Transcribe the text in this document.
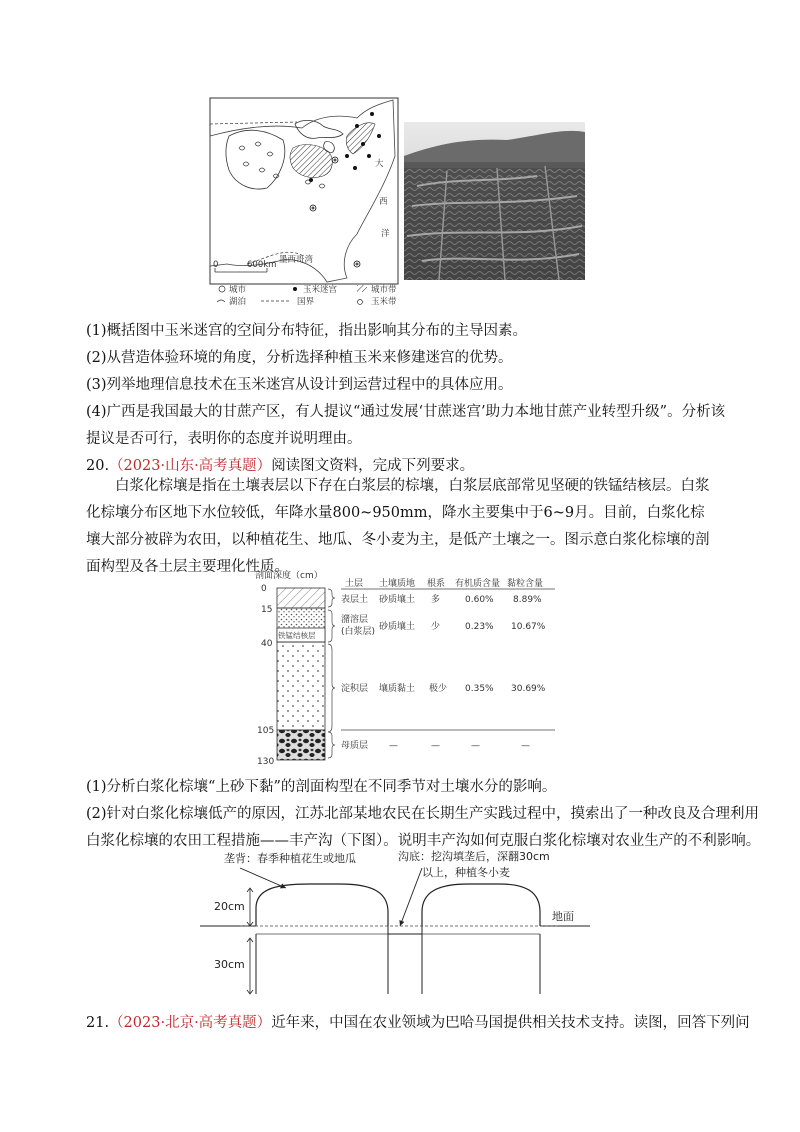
大
西
洋
墨西哥湾
0	600km
城市	玉米迷宫	城市带
湖泊	国界	玉米带
(1)概括图中玉米迷宫的空间分布特征，指出影响其分布的主导因素。
(2)从营造体验环境的角度，分析选择种植玉米来修建迷宫的优势。
(3)列举地理信息技术在玉米迷宫从设计到运营过程中的具体应用。
(4)广西是我国最大的甘蔗产区，有人提议“通过发展‘甘蔗迷宫’助力本地甘蔗产业转型升级”。分析该
提议是否可行，表明你的态度并说明理由。
20.（2023·山东·高考真题）阅读图文资料，完成下列要求。
白浆化棕壤是指在土壤表层以下存在白浆层的棕壤，白浆层底部常见坚硬的铁锰结核层。白浆化棕壤分布区地下水位较低，年降水量800~950mm，降水主要集中于6~9月。目前，白浆化棕壤大部分被辟为农田，以种植花生、地瓜、冬小麦为主，是低产土壤之一。图示意白浆化棕壤的剖面构型及各土层主要理化性质。
剖面深度（cm）
铁锰结核层
0
15
40
105
130
土层 土壤质地 根系 有机质含量 黏粒含量
表层土 砂质壤土 多	0.60% 8.89%
潴溶层
(白浆层) 砂质壤土 少	0.23% 10.67%
淀积层 壤质黏土 极少 0.35% 30.69%
母质层 —	—	—	—
(1)分析白浆化棕壤“上砂下黏”的剖面构型在不同季节对土壤水分的影响。
(2)针对白浆化棕壤低产的原因，江苏北部某地农民在长期生产实践过程中，摸索出了一种改良及合理利用
白浆化棕壤的农田工程措施——丰产沟（下图）。说明丰产沟如何克服白浆化棕壤对农业生产的不利影响。
垄背：春季种植花生或地瓜	沟底：挖沟填垄后，深翻30cm
以上，种植冬小麦
地面
20cm
30cm
21.（2023·北京·高考真题）近年来，中国在农业领域为巴哈马国提供相关技术支持。读图，回答下列问
